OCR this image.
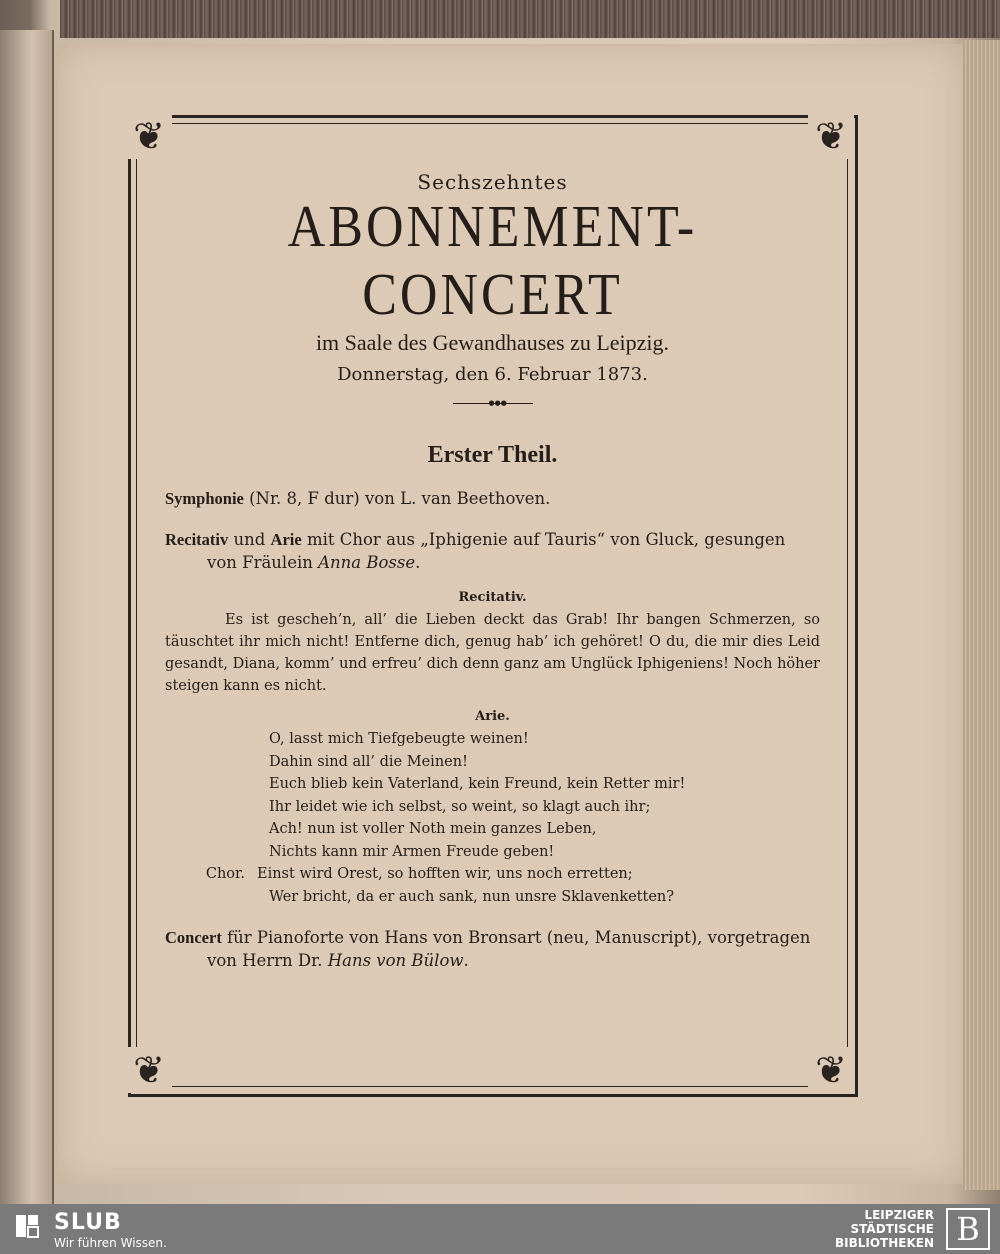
❦	❦
❦	❦
Sechszehntes
ABONNEMENT-CONCERT
im Saale des Gewandhauses zu Leipzig.
Donnerstag, den 6. Februar 1873.
●●●
Erster Theil.
Symphonie (Nr. 8, F dur) von L. van Beethoven.
Recitativ und Arie mit Chor aus „Iphigenie auf Tauris“ von Gluck, gesungen von Fräulein Anna Bosse.
Recitativ.
Es ist gescheh’n, all’ die Lieben deckt das Grab! Ihr bangen Schmerzen, so täuschtet ihr mich nicht! Entferne dich, genug hab’ ich gehöret! O du, die mir dies Leid gesandt, Diana, komm’ und erfreu’ dich denn ganz am Unglück Iphigeniens! Noch höher steigen kann es nicht.
Arie.
O, lasst mich Tiefgebeugte weinen!
Dahin sind all’ die Meinen!
Euch blieb kein Vaterland, kein Freund, kein Retter mir!
Ihr leidet wie ich selbst, so weint, so klagt auch ihr;
Ach! nun ist voller Noth mein ganzes Leben,
Nichts kann mir Armen Freude geben!
Chor. Einst wird Orest, so hofften wir, uns noch erretten;
Wer bricht, da er auch sank, nun unsre Sklavenketten?
Concert für Pianoforte von Hans von Bronsart (neu, Manuscript), vorgetragen von Herrn Dr. Hans von Bülow.
SLUB
Wir führen Wissen.
LEIPZIGER
STÄDTISCHE
BIBLIOTHEKEN B
